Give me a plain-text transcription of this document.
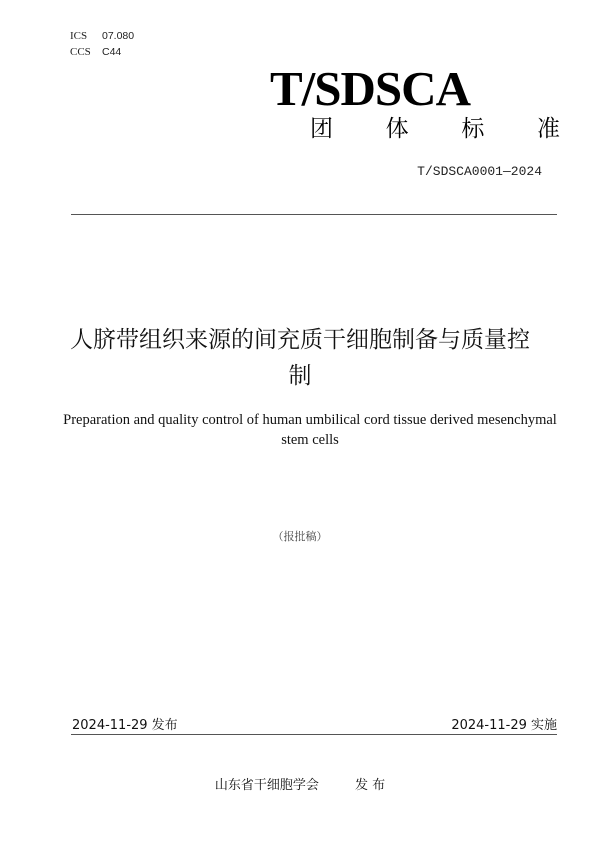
ICS 07.080
CCS C44
T/SDSCA
团 体 标 准
T/SDSCA0001—2024
人脐带组织来源的间充质干细胞制备与质量控制
Preparation and quality control of human umbilical cord tissue derived mesenchymal stem cells
（报批稿）
2024-11-29 发布	2024-11-29 实施
山东省干细胞学会	发 布
